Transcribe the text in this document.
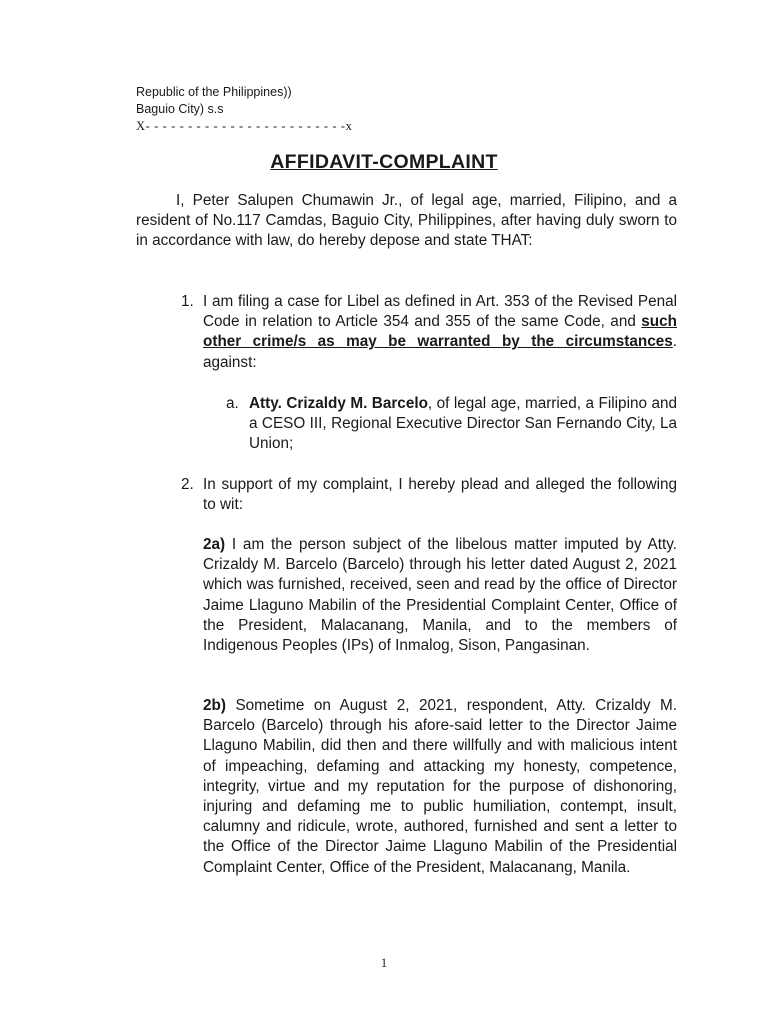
Republic of the Philippines))
Baguio City) s.s
X- - - - - - - - - - - - - - - - - - - - - - - -x
AFFIDAVIT-COMPLAINT
I, Peter Salupen Chumawin Jr., of legal age, married, Filipino, and a resident of No.117 Camdas, Baguio City, Philippines, after having duly sworn to in accordance with law, do hereby depose and state THAT:
1. I am filing a case for Libel as defined in Art. 353 of the Revised Penal Code in relation to Article 354 and 355 of the same Code, and such other crime/s as may be warranted by the circumstances. against:
a. Atty. Crizaldy M. Barcelo, of legal age, married, a Filipino and a CESO III, Regional Executive Director San Fernando City, La Union;
2. In support of my complaint, I hereby plead and alleged the following to wit:
2a) I am the person subject of the libelous matter imputed by Atty. Crizaldy M. Barcelo (Barcelo) through his letter dated August 2, 2021 which was furnished, received, seen and read by the office of Director Jaime Llaguno Mabilin of the Presidential Complaint Center, Office of the President, Malacanang, Manila, and to the members of Indigenous Peoples (IPs) of Inmalog, Sison, Pangasinan.
2b) Sometime on August 2, 2021, respondent, Atty. Crizaldy M. Barcelo (Barcelo) through his afore-said letter to the Director Jaime Llaguno Mabilin, did then and there willfully and with malicious intent of impeaching, defaming and attacking my honesty, competence, integrity, virtue and my reputation for the purpose of dishonoring, injuring and defaming me to public humiliation, contempt, insult, calumny and ridicule, wrote, authored, furnished and sent a letter to the Office of the Director Jaime Llaguno Mabilin of the Presidential Complaint Center, Office of the President, Malacanang, Manila.
1
